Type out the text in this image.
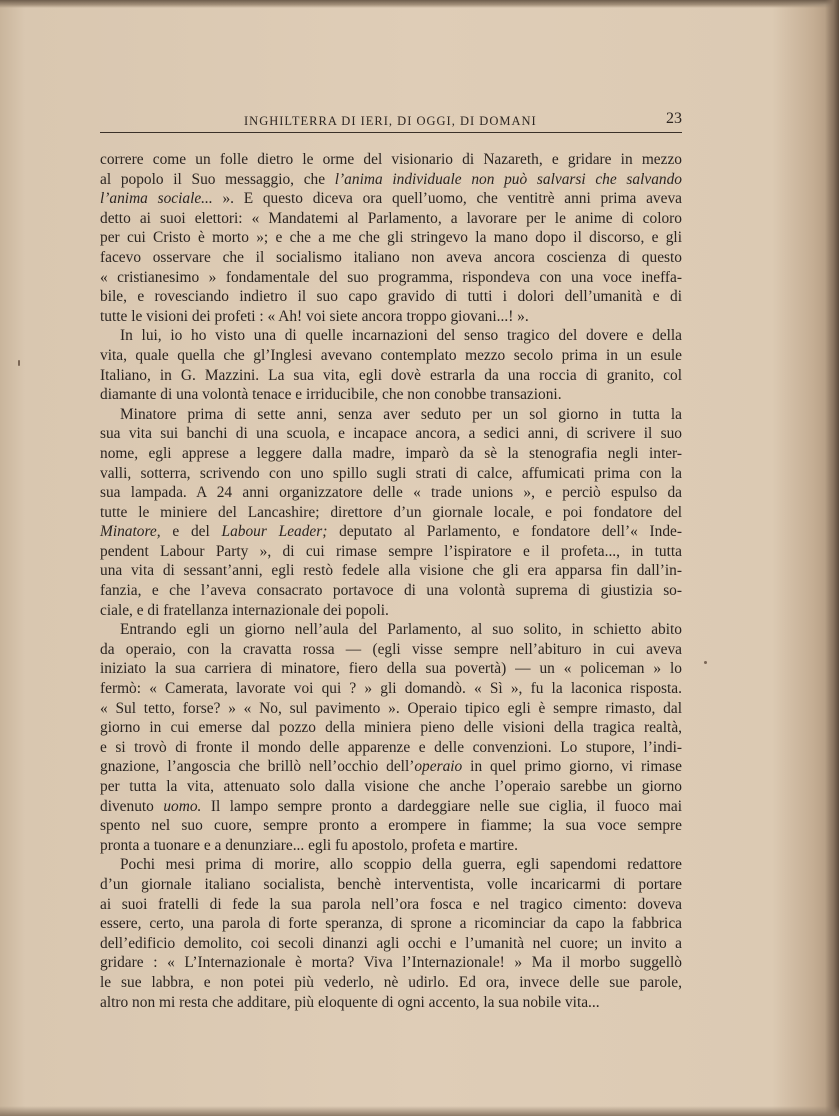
INGHILTERRA DI IERI, DI OGGI, DI DOMANI	23
correre come un folle dietro le orme del visionario di Nazareth, e gridare in mezzo
al popolo il Suo messaggio, che l’anima individuale non può salvarsi che salvando
l’anima sociale... ». E questo diceva ora quell’uomo, che ventitrè anni prima aveva
detto ai suoi elettori: « Mandatemi al Parlamento, a lavorare per le anime di coloro
per cui Cristo è morto »; e che a me che gli stringevo la mano dopo il discorso, e gli
facevo osservare che il socialismo italiano non aveva ancora coscienza di questo
« cristianesimo » fondamentale del suo programma, rispondeva con una voce ineffa-
bile, e rovesciando indietro il suo capo gravido di tutti i dolori dell’umanità e di
tutte le visioni dei profeti : « Ah! voi siete ancora troppo giovani...! ».
In lui, io ho visto una di quelle incarnazioni del senso tragico del dovere e della
vita, quale quella che gl’Inglesi avevano contemplato mezzo secolo prima in un esule
Italiano, in G. Mazzini. La sua vita, egli dovè estrarla da una roccia di granito, col
diamante di una volontà tenace e irriducibile, che non conobbe transazioni.
Minatore prima di sette anni, senza aver seduto per un sol giorno in tutta la
sua vita sui banchi di una scuola, e incapace ancora, a sedici anni, di scrivere il suo
nome, egli apprese a leggere dalla madre, imparò da sè la stenografia negli inter-
valli, sotterra, scrivendo con uno spillo sugli strati di calce, affumicati prima con la
sua lampada. A 24 anni organizzatore delle « trade unions », e perciò espulso da
tutte le miniere del Lancashire; direttore d’un giornale locale, e poi fondatore del
Minatore, e del Labour Leader; deputato al Parlamento, e fondatore dell’« Inde-
pendent Labour Party », di cui rimase sempre l’ispiratore e il profeta..., in tutta
una vita di sessant’anni, egli restò fedele alla visione che gli era apparsa fin dall’in-
fanzia, e che l’aveva consacrato portavoce di una volontà suprema di giustizia so-
ciale, e di fratellanza internazionale dei popoli.
Entrando egli un giorno nell’aula del Parlamento, al suo solito, in schietto abito
da operaio, con la cravatta rossa — (egli visse sempre nell’abituro in cui aveva
iniziato la sua carriera di minatore, fiero della sua povertà) — un « policeman » lo
fermò: « Camerata, lavorate voi qui ? » gli domandò. « Sì », fu la laconica risposta.
« Sul tetto, forse? » « No, sul pavimento ». Operaio tipico egli è sempre rimasto, dal
giorno in cui emerse dal pozzo della miniera pieno delle visioni della tragica realtà,
e si trovò di fronte il mondo delle apparenze e delle convenzioni. Lo stupore, l’indi-
gnazione, l’angoscia che brillò nell’occhio dell’operaio in quel primo giorno, vi rimase
per tutta la vita, attenuato solo dalla visione che anche l’operaio sarebbe un giorno
divenuto uomo. Il lampo sempre pronto a dardeggiare nelle sue ciglia, il fuoco mai
spento nel suo cuore, sempre pronto a erompere in fiamme; la sua voce sempre
pronta a tuonare e a denunziare... egli fu apostolo, profeta e martire.
Pochi mesi prima di morire, allo scoppio della guerra, egli sapendomi redattore
d’un giornale italiano socialista, benchè interventista, volle incaricarmi di portare
ai suoi fratelli di fede la sua parola nell’ora fosca e nel tragico cimento: doveva
essere, certo, una parola di forte speranza, di sprone a ricominciar da capo la fabbrica
dell’edificio demolito, coi secoli dinanzi agli occhi e l’umanità nel cuore; un invito a
gridare : « L’Internazionale è morta? Viva l’Internazionale! » Ma il morbo suggellò
le sue labbra, e non potei più vederlo, nè udirlo. Ed ora, invece delle sue parole,
altro non mi resta che additare, più eloquente di ogni accento, la sua nobile vita...
